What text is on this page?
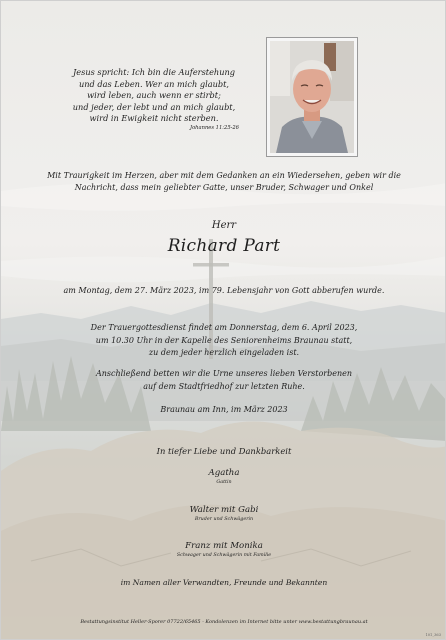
Jesus spricht: Ich bin die Auferstehung
und das Leben. Wer an mich glaubt,
wird leben, auch wenn er stirbt;
und jeder, der lebt und an mich glaubt,
wird in Ewigkeit nicht sterben.
Johannes 11:25-26
Mit Traurigkeit im Herzen, aber mit dem Gedanken an ein Wiedersehen, geben wir die
Nachricht, dass mein geliebter Gatte, unser Bruder, Schwager und Onkel
Herr
Richard Part
am Montag, dem 27. März 2023, im 79. Lebensjahr von Gott abberufen wurde.
Der Trauergottesdienst findet am Donnerstag, dem 6. April 2023,
um 10.30 Uhr in der Kapelle des Seniorenheims Braunau statt,
zu dem jeder herzlich eingeladen ist.
Anschließend betten wir die Urne unseres lieben Verstorbenen
auf dem Stadtfriedhof zur letzten Ruhe.
Braunau am Inn, im März 2023
In tiefer Liebe und Dankbarkeit
Agatha
Gattin
Walter mit Gabi
Bruder und Schwägerin
Franz mit Monika
Schwager und Schwägerin mit Familie
im Namen aller Verwandten, Freunde und Bekannten
Bestattungsinstitut Heller-Sporer 07722/65465 · Kondolenzen im Internet bitte unter www.bestattungbraunau.at
101_363
